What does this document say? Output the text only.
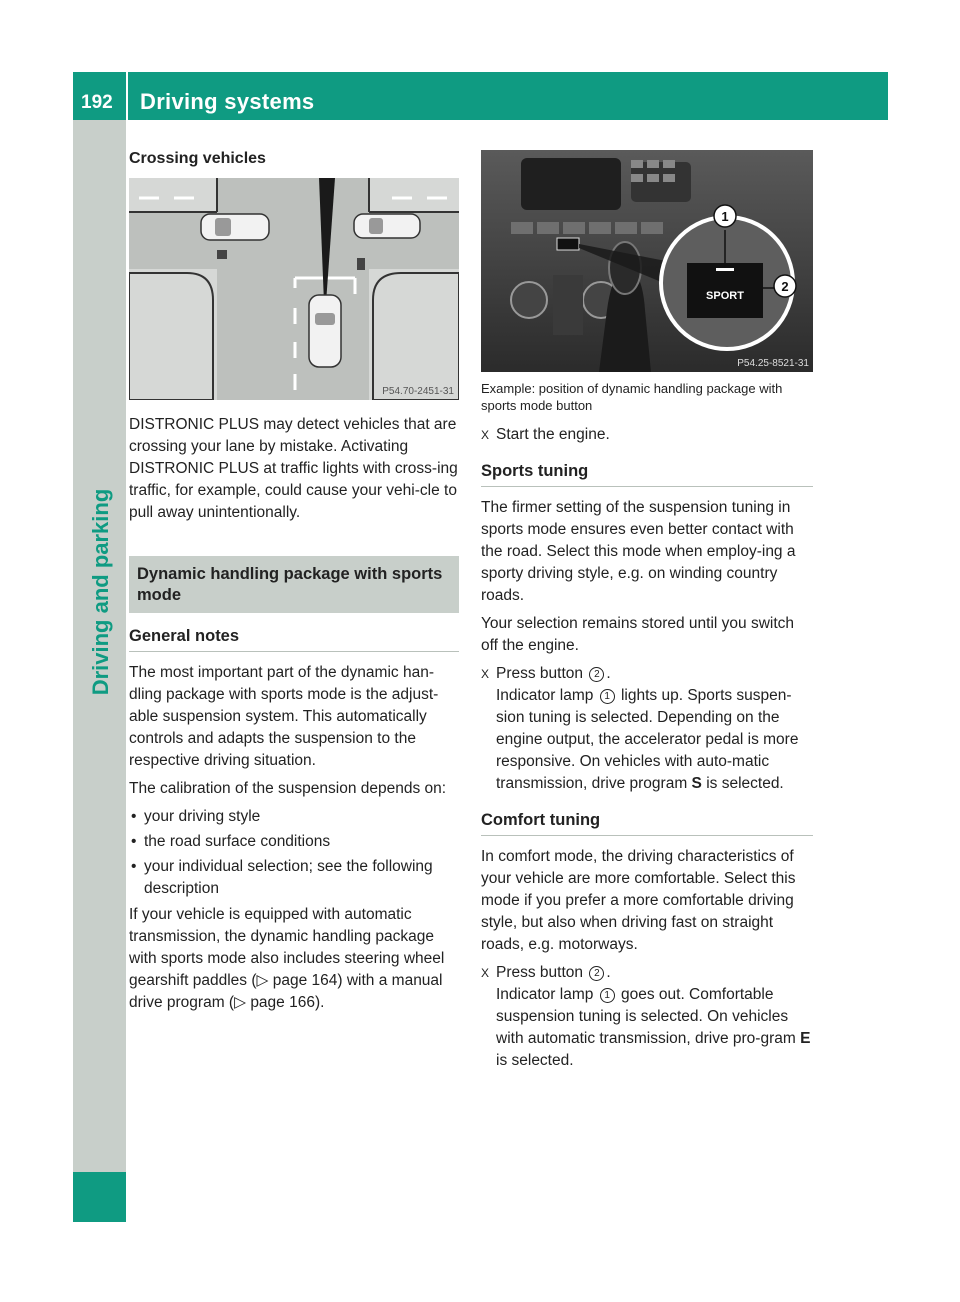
192 Driving systems
Driving and parking
Crossing vehicles
P54.70-2451-31

DISTRONIC PLUS may detect vehicles that are crossing your lane by mistake. Activating DISTRONIC PLUS at traffic lights with cross-ing traffic, for example, could cause your vehi-cle to pull away unintentionally.

Dynamic handling package with sports mode
General notes

The most important part of the dynamic han-dling package with sports mode is the adjust-able suspension system. This automatically controls and adapts the suspension to the respective driving situation.

The calibration of the suspension depends on:

• your driving style
• the road surface conditions
• your individual selection; see the following description

If your vehicle is equipped with automatic transmission, the dynamic handling package with sports mode also includes steering wheel gearshift paddles (▷ page 164) with a manual drive program (▷ page 166).

SPORT
1
2
P54.25-8521-31
Example: position of dynamic handling package with sports mode button
X Start the engine.
Sports tuning

The firmer setting of the suspension tuning in sports mode ensures even better contact with the road. Select this mode when employ-ing a sporty driving style, e.g. on winding country roads.

Your selection remains stored until you switch off the engine.

X Press button 2 .
Indicator lamp 1 lights up. Sports suspen-sion tuning is selected. Depending on the engine output, the accelerator pedal is more responsive. On vehicles with auto-matic transmission, drive program S is selected.
Comfort tuning

In comfort mode, the driving characteristics of your vehicle are more comfortable. Select this mode if you prefer a more comfortable driving style, but also when driving fast on straight roads, e.g. motorways.

X Press button 2 .
Indicator lamp 1 goes out. Comfortable suspension tuning is selected. On vehicles with automatic transmission, drive pro-gram E is selected.
